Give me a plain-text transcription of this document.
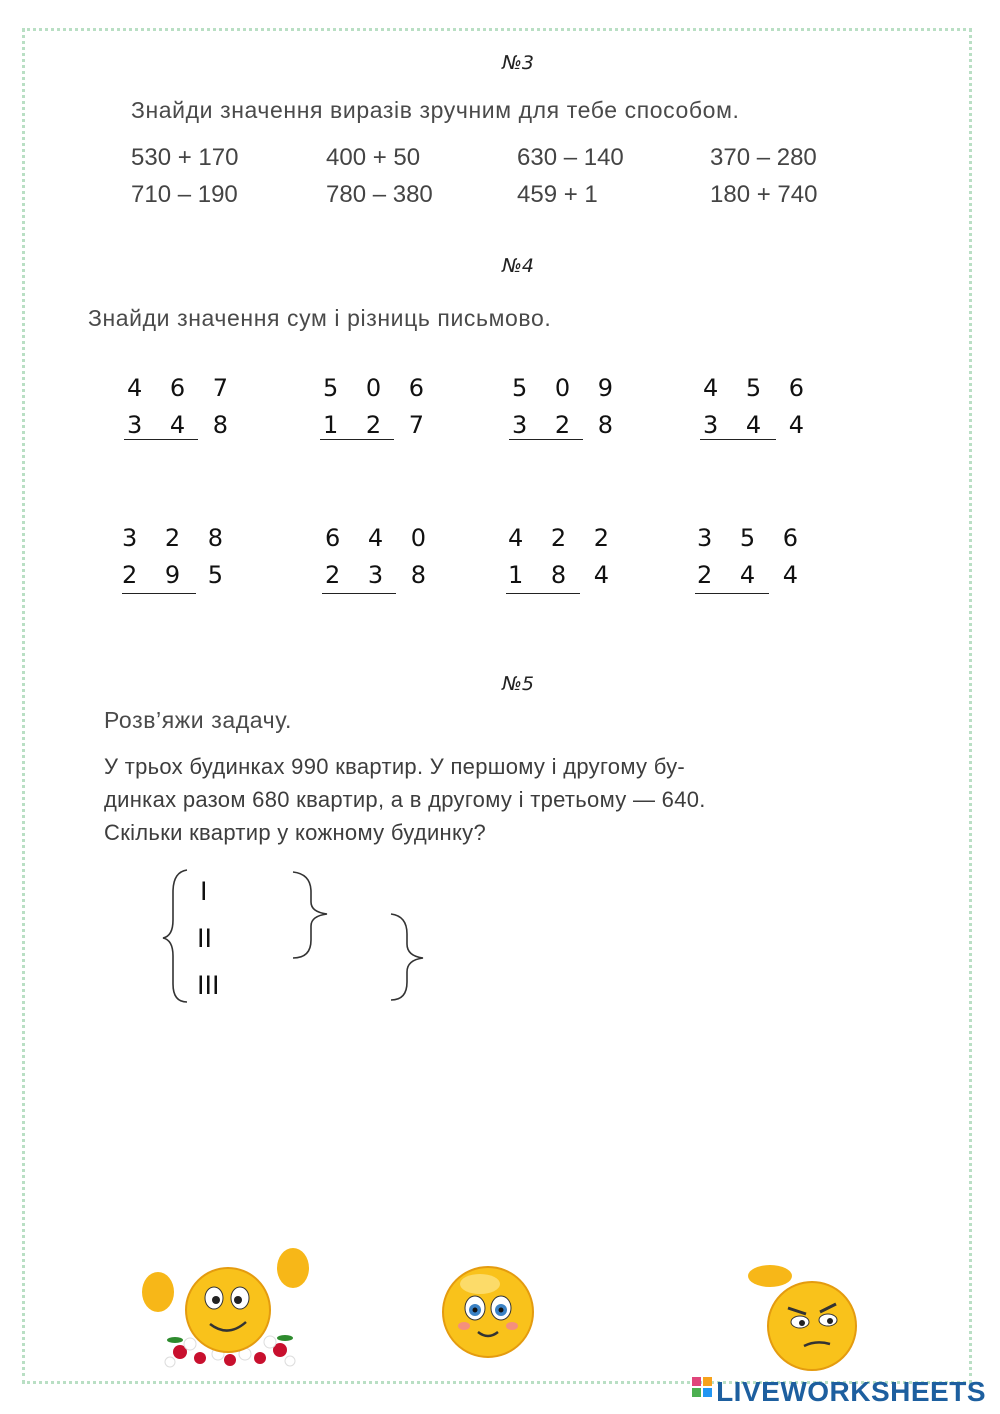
№3
Знайди значення виразів зручним для тебе способом.
530 + 170	400 + 50	630 – 140	370 – 280
710 – 190	780 – 380	459 + 1	180 + 740
№4
Знайди значення сум і різниць письмово.
4 6 7
3 4 8
5 0 6
1 2 7
5 0 9
3 2 8
4 5 6
3 4 4
3 2 8
2 9 5
6 4 0
2 3 8
4 2 2
1 8 4
3 5 6
2 4 4
№5
Розв’яжи задачу.
У трьох будинках 990 квартир. У першому і другому бу-
динках разом 680 квартир, а в другому і третьому — 640.
Скільки квартир у кожному будинку?
I
II
III
LIVEWORKSHEETS
